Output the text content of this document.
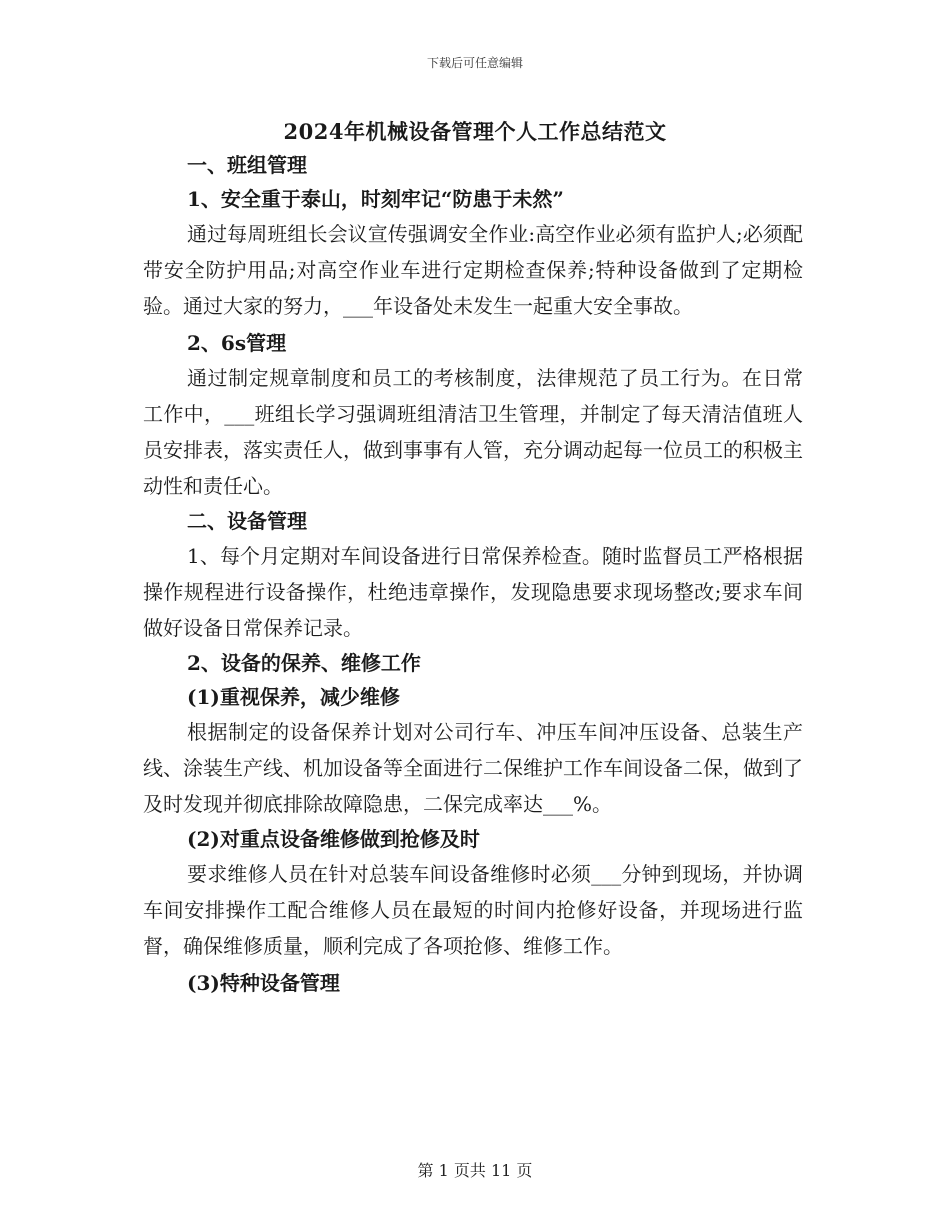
下载后可任意编辑
2024年机械设备管理个人工作总结范文

一、班组管理

1、安全重于泰山，时刻牢记“防患于未然”

通过每周班组长会议宣传强调安全作业:高空作业必须有监护人;必须配带安全防护用品;对高空作业车进行定期检查保养;特种设备做到了定期检验。通过大家的努力，___年设备处未发生一起重大安全事故。

2、6s管理

通过制定规章制度和员工的考核制度，法律规范了员工行为。在日常工作中，___班组长学习强调班组清洁卫生管理，并制定了每天清洁值班人员安排表，落实责任人，做到事事有人管，充分调动起每一位员工的积极主动性和责任心。

二、设备管理

1、每个月定期对车间设备进行日常保养检查。随时监督员工严格根据操作规程进行设备操作，杜绝违章操作，发现隐患要求现场整改;要求车间做好设备日常保养记录。

2、设备的保养、维修工作

(1)重视保养，减少维修

根据制定的设备保养计划对公司行车、冲压车间冲压设备、总装生产线、涂装生产线、机加设备等全面进行二保维护工作车间设备二保，做到了及时发现并彻底排除故障隐患，二保完成率达___%。

(2)对重点设备维修做到抢修及时

要求维修人员在针对总装车间设备维修时必须___分钟到现场，并协调车间安排操作工配合维修人员在最短的时间内抢修好设备，并现场进行监督，确保维修质量，顺利完成了各项抢修、维修工作。

(3)特种设备管理

第 1 页共 11 页
